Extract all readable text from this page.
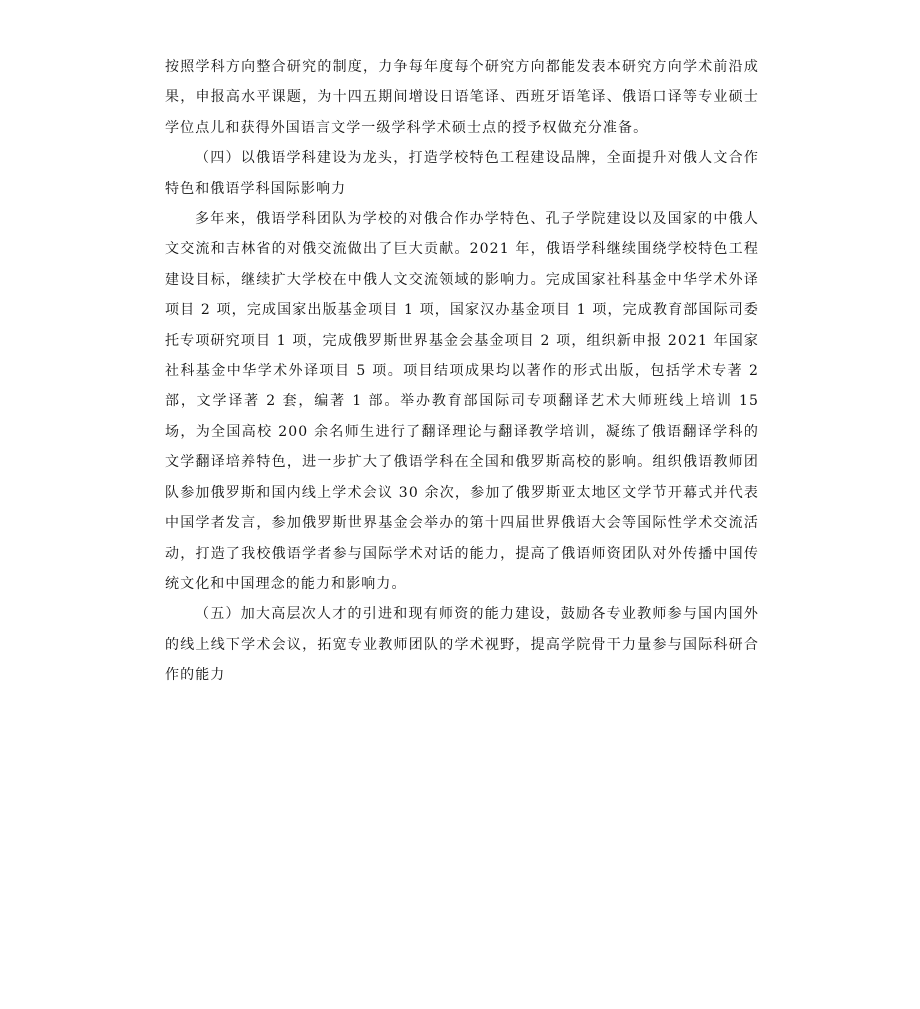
按照学科方向整合研究的制度，力争每年度每个研究方向都能发表本研究方向学术前沿成果，申报高水平课题，为十四五期间增设日语笔译、西班牙语笔译、俄语口译等专业硕士学位点儿和获得外国语言文学一级学科学术硕士点的授予权做充分准备。

（四）以俄语学科建设为龙头，打造学校特色工程建设品牌，全面提升对俄人文合作特色和俄语学科国际影响力

多年来，俄语学科团队为学校的对俄合作办学特色、孔子学院建设以及国家的中俄人文交流和吉林省的对俄交流做出了巨大贡献。2021 年，俄语学科继续围绕学校特色工程建设目标，继续扩大学校在中俄人文交流领域的影响力。完成国家社科基金中华学术外译项目 2 项，完成国家出版基金项目 1 项，国家汉办基金项目 1 项，完成教育部国际司委托专项研究项目 1 项，完成俄罗斯世界基金会基金项目 2 项，组织新申报 2021 年国家社科基金中华学术外译项目 5 项。项目结项成果均以著作的形式出版，包括学术专著 2 部，文学译著 2 套，编著 1 部。举办教育部国际司专项翻译艺术大师班线上培训 15 场，为全国高校 200 余名师生进行了翻译理论与翻译教学培训，凝练了俄语翻译学科的文学翻译培养特色，进一步扩大了俄语学科在全国和俄罗斯高校的影响。组织俄语教师团队参加俄罗斯和国内线上学术会议 30 余次，参加了俄罗斯亚太地区文学节开幕式并代表中国学者发言，参加俄罗斯世界基金会举办的第十四届世界俄语大会等国际性学术交流活动，打造了我校俄语学者参与国际学术对话的能力，提高了俄语师资团队对外传播中国传统文化和中国理念的能力和影响力。

（五）加大高层次人才的引进和现有师资的能力建设，鼓励各专业教师参与国内国外的线上线下学术会议，拓宽专业教师团队的学术视野，提高学院骨干力量参与国际科研合作的能力
